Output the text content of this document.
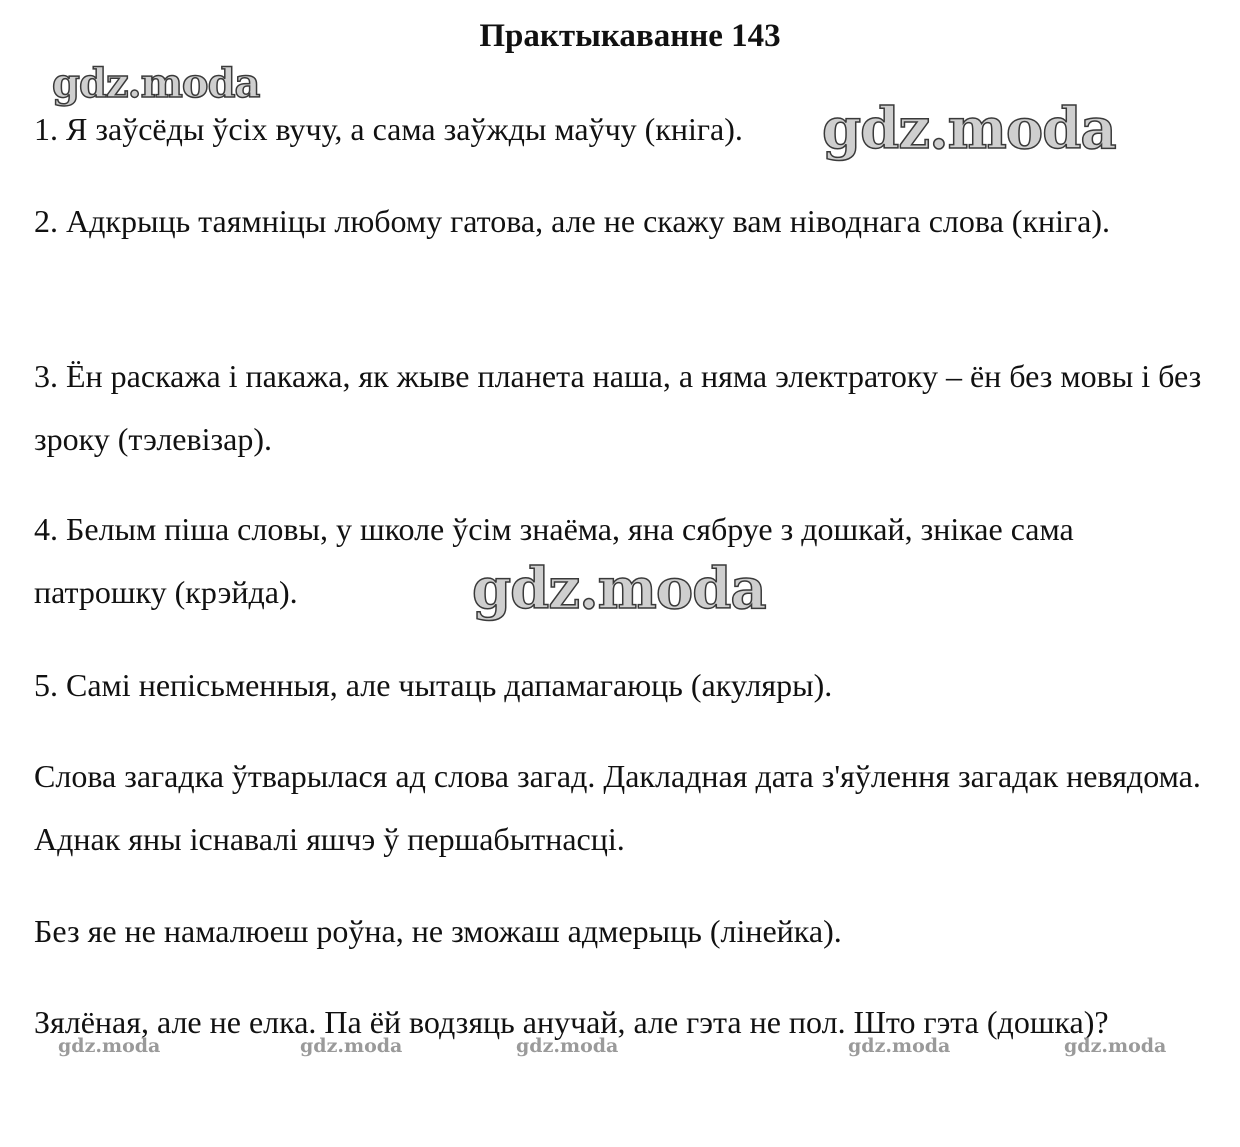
Практыкаванне 143

1. Я заўсёды ўсіх вучу, а сама заўжды маўчу (кніга).

2. Адкрыць таямніцы любому гатова, але не скажу вам ніводнага слова (кніга).

3. Ён раскажа і пакажа, як жыве планета наша, а няма электратоку – ён без мовы і без зроку (тэлевізар).

4. Белым піша словы, у школе ўсім знаёма, яна сябруе з дошкай, знікае сама патрошку (крэйда).

5. Самі непісьменныя, але чытаць дапамагаюць (акуляры).

Слова загадка ўтварылася ад слова загад. Дакладная дата з'яўлення загадак невядома. Аднак яны існавалі яшчэ ў першабытнасці.

Без яе не намалюеш роўна, не зможаш адмерыць (лінейка).

Зялёная, але не елка. Па ёй водзяць анучай, але гэта не пол. Што гэта (дошка)?

gdz.moda
gdz.moda
gdz.moda
gdz.moda	gdz.moda	gdz.moda	gdz.moda	gdz.moda
